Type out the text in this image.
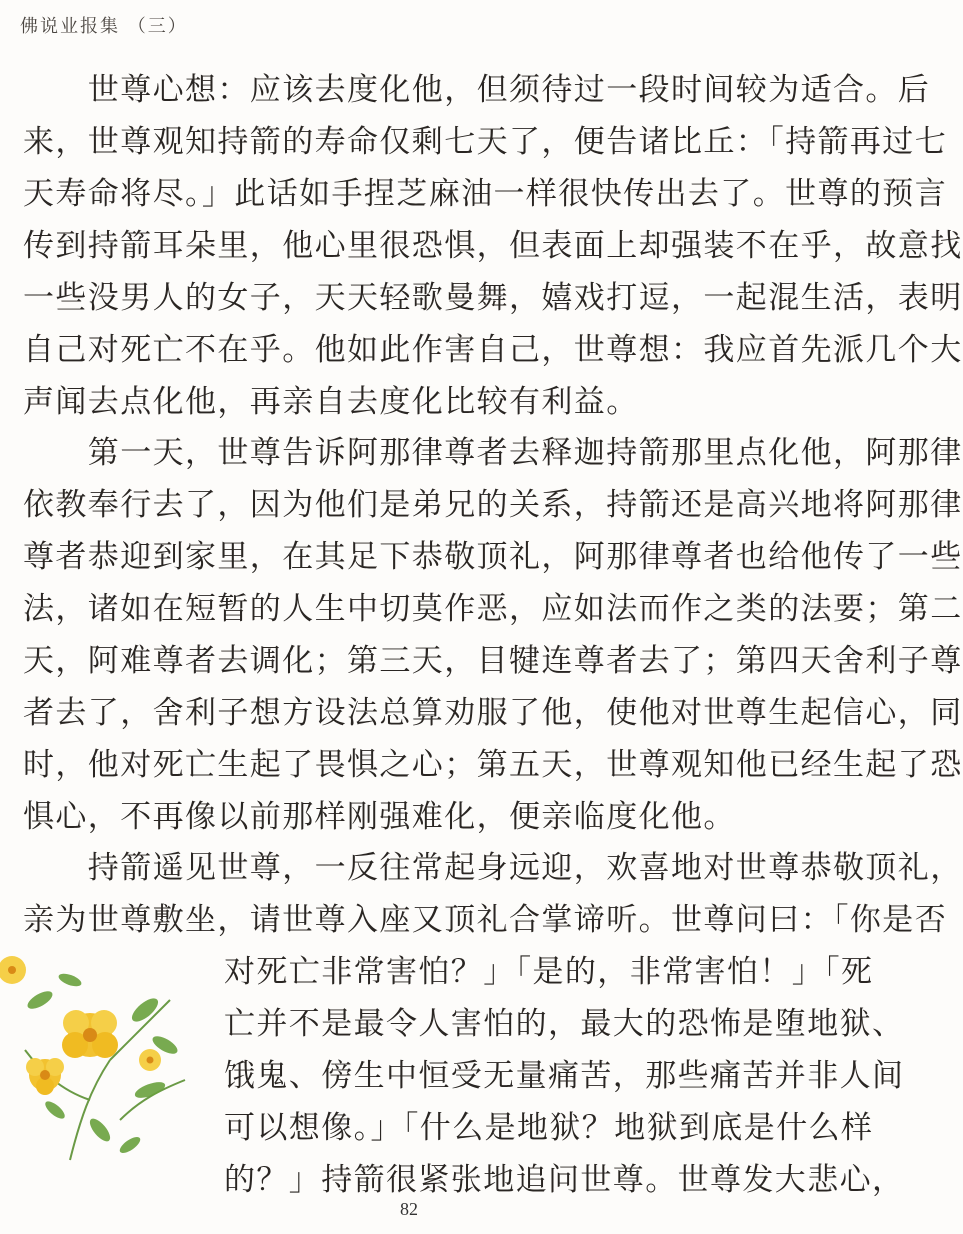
佛说业报集 （三）
　　世尊心想：应该去度化他，但须待过一段时间较为适合。后
来，世尊观知持箭的寿命仅剩七天了，便告诸比丘：「持箭再过七
天寿命将尽。」此话如手捏芝麻油一样很快传出去了。世尊的预言
传到持箭耳朵里，他心里很恐惧，但表面上却强装不在乎，故意找
一些没男人的女子，天天轻歌曼舞，嬉戏打逗，一起混生活，表明
自己对死亡不在乎。他如此作害自己，世尊想：我应首先派几个大
声闻去点化他，再亲自去度化比较有利益。
　　第一天，世尊告诉阿那律尊者去释迦持箭那里点化他，阿那律
依教奉行去了，因为他们是弟兄的关系，持箭还是高兴地将阿那律
尊者恭迎到家里，在其足下恭敬顶礼，阿那律尊者也给他传了一些
法，诸如在短暂的人生中切莫作恶，应如法而作之类的法要；第二
天，阿难尊者去调化；第三天，目犍连尊者去了；第四天舍利子尊
者去了，舍利子想方设法总算劝服了他，使他对世尊生起信心，同
时，他对死亡生起了畏惧之心；第五天，世尊观知他已经生起了恐
惧心，不再像以前那样刚强难化，便亲临度化他。
　　持箭遥见世尊，一反往常起身远迎，欢喜地对世尊恭敬顶礼，
亲为世尊敷坐，请世尊入座又顶礼合掌谛听。世尊问曰：「你是否
对死亡非常害怕？」「是的，非常害怕！」「死
亡并不是最令人害怕的，最大的恐怖是堕地狱、
饿鬼、傍生中恒受无量痛苦，那些痛苦并非人间
可以想像。」「什么是地狱？地狱到底是什么样
的？」持箭很紧张地追问世尊。世尊发大悲心，
82
